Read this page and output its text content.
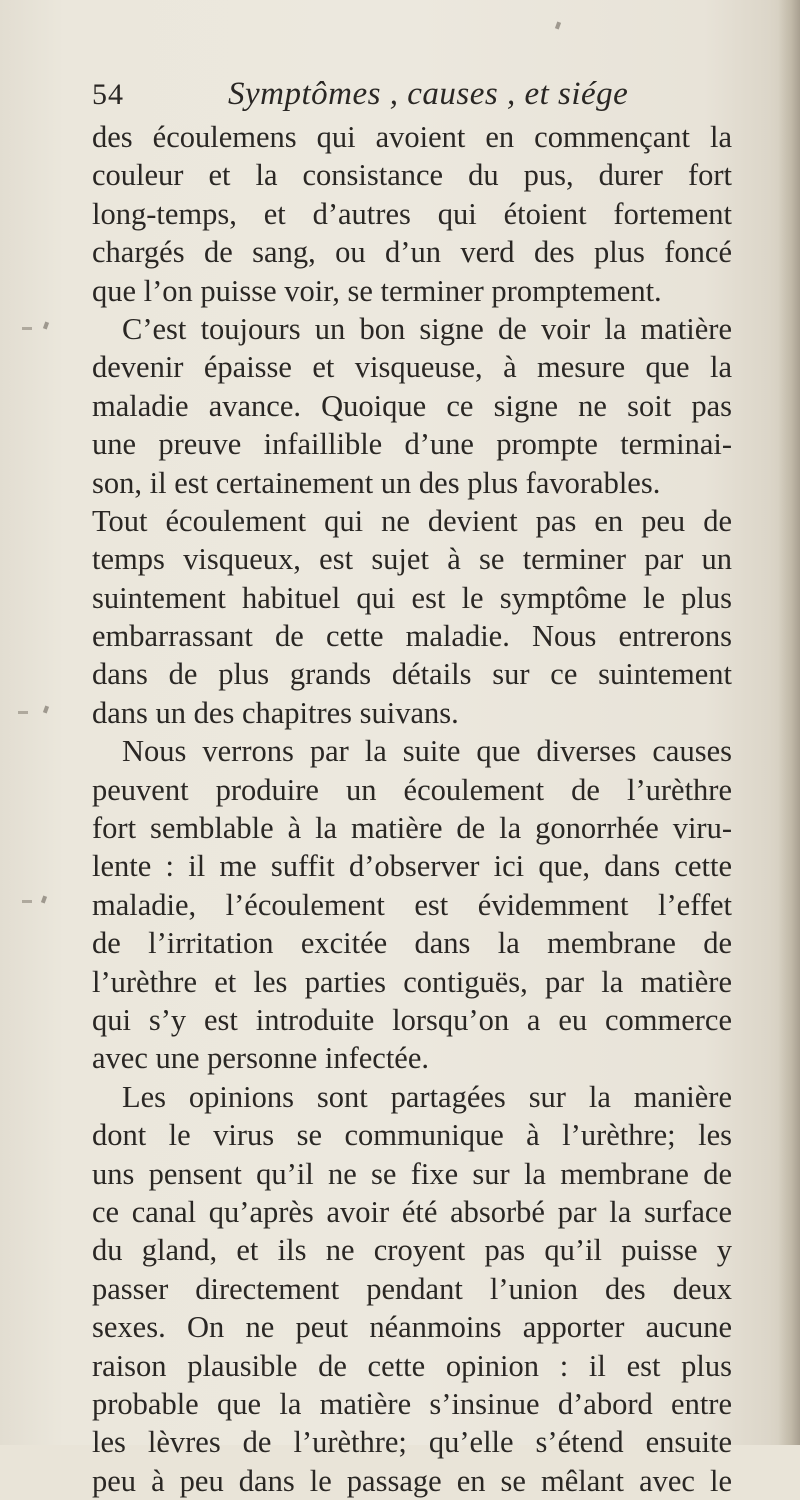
54	Symptômes , causes , et siége
des écoulemens qui avoient en commençant la
couleur et la consistance du pus, durer fort
long-temps, et d’autres qui étoient fortement
chargés de sang, ou d’un verd des plus foncé
que l’on puisse voir, se terminer promptement.
C’est toujours un bon signe de voir la matière
devenir épaisse et visqueuse, à mesure que la
maladie avance. Quoique ce signe ne soit pas
une preuve infaillible d’une prompte terminai-
son, il est certainement un des plus favorables.
Tout écoulement qui ne devient pas en peu de
temps visqueux, est sujet à se terminer par un
suintement habituel qui est le symptôme le plus
embarrassant de cette maladie. Nous entrerons
dans de plus grands détails sur ce suintement
dans un des chapitres suivans.
Nous verrons par la suite que diverses causes
peuvent produire un écoulement de l’urèthre
fort semblable à la matière de la gonorrhée viru-
lente : il me suffit d’observer ici que, dans cette
maladie, l’écoulement est évidemment l’effet
de l’irritation excitée dans la membrane de
l’urèthre et les parties contiguës, par la matière
qui s’y est introduite lorsqu’on a eu commerce
avec une personne infectée.
Les opinions sont partagées sur la manière
dont le virus se communique à l’urèthre; les
uns pensent qu’il ne se fixe sur la membrane de
ce canal qu’après avoir été absorbé par la surface
du gland, et ils ne croyent pas qu’il puisse y
passer directement pendant l’union des deux
sexes. On ne peut néanmoins apporter aucune
raison plausible de cette opinion : il est plus
probable que la matière s’insinue d’abord entre
les lèvres de l’urèthre; qu’elle s’étend ensuite
peu à peu dans le passage en se mêlant avec le
